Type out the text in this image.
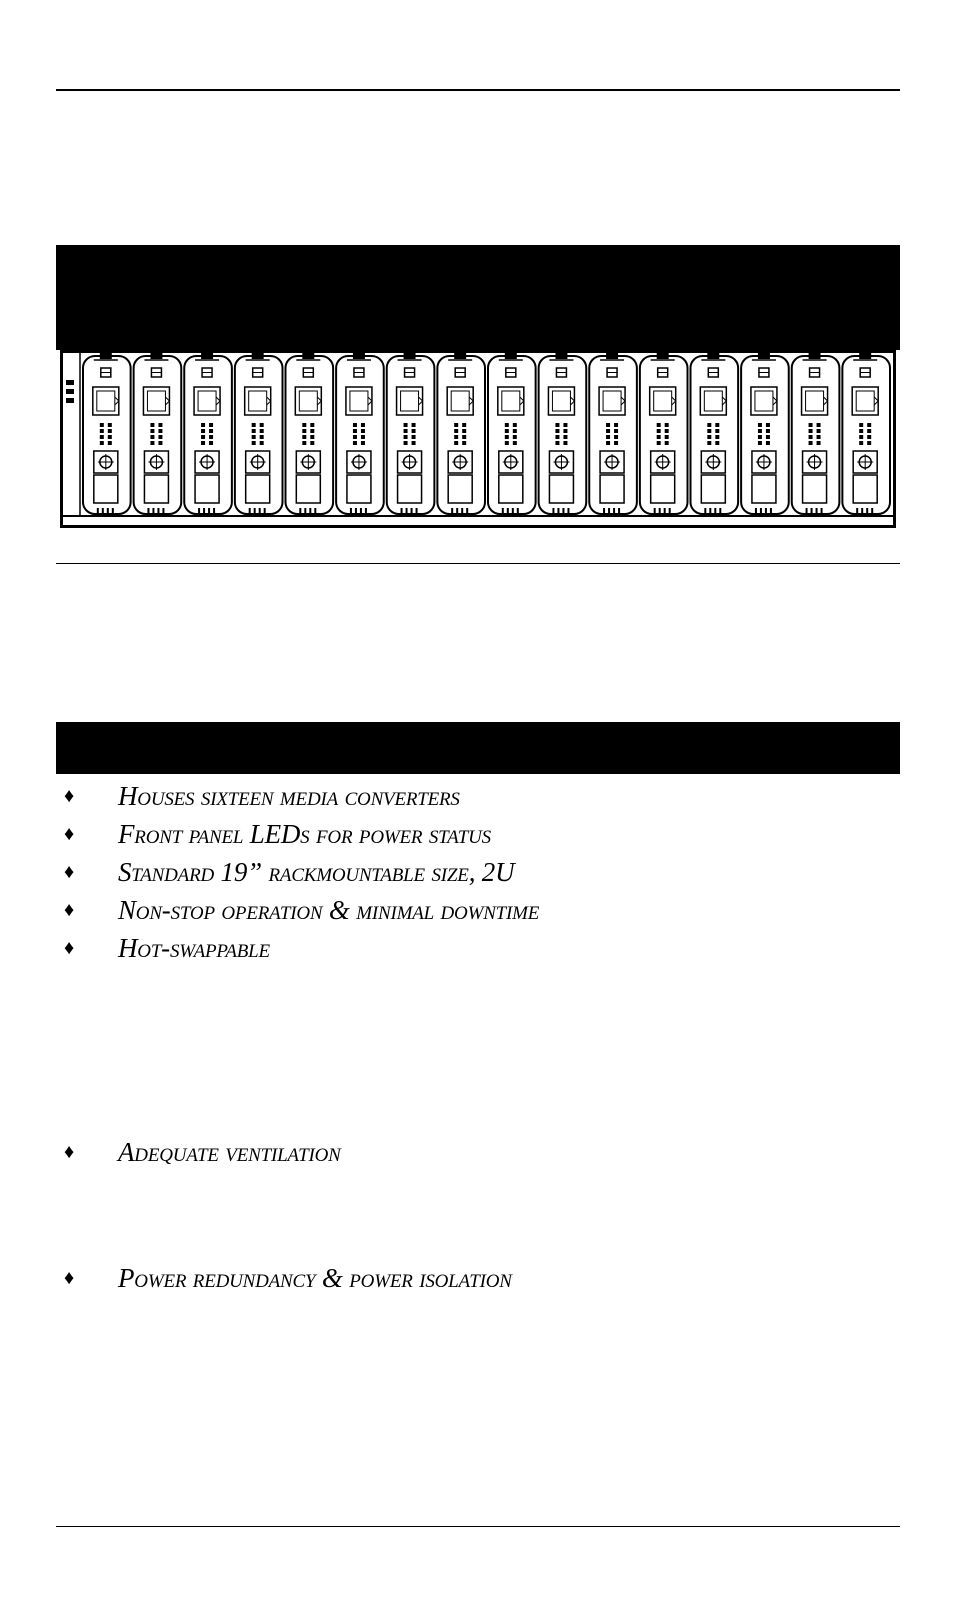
♦	Houses sixteen media converters
♦	Front panel LEDs for power status
♦	Standard 19” rackmountable size, 2U
♦	Non-stop operation & minimal downtime
♦	Hot-swappable
♦	Adequate ventilation
♦	Power redundancy & power isolation
